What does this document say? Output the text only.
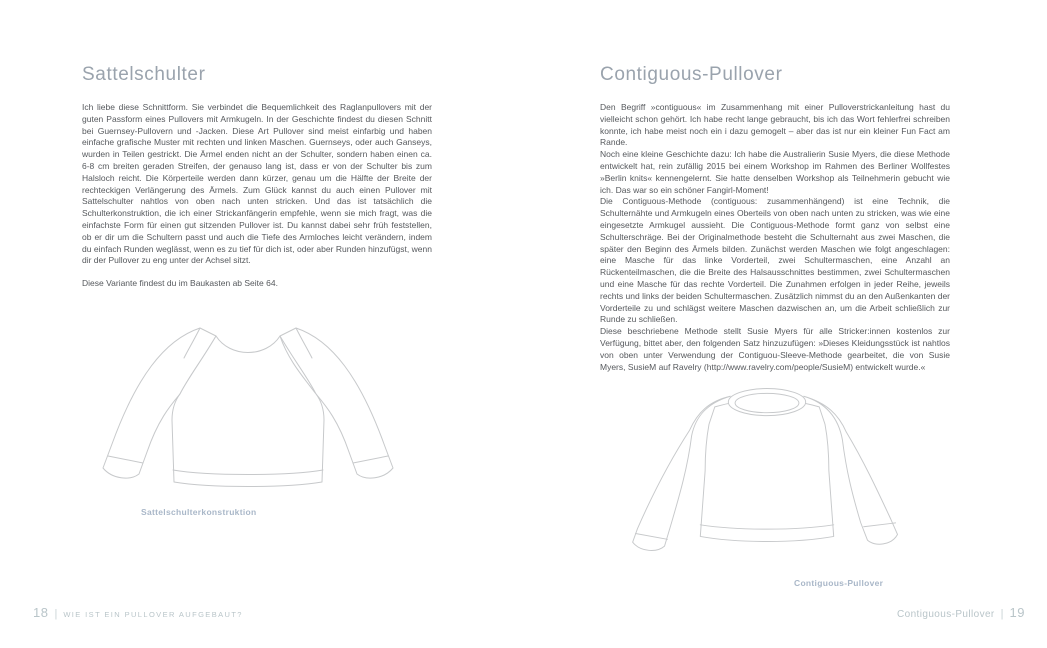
Sattelschulter

Ich liebe diese Schnittform. Sie verbindet die Bequemlichkeit des Raglanpullovers mit der guten Passform eines Pullovers mit Armkugeln. In der Geschichte findest du diesen Schnitt bei Guernsey-Pullovern und -Jacken. Diese Art Pullover sind meist einfarbig und haben einfache grafische Muster mit rechten und linken Maschen. Guernseys, oder auch Ganseys, wurden in Teilen gestrickt. Die Ärmel enden nicht an der Schulter, sondern haben einen ca. 6-8 cm breiten geraden Streifen, der genauso lang ist, dass er von der Schulter bis zum Halsloch reicht. Die Körperteile werden dann kürzer, genau um die Hälfte der Breite der rechteckigen Verlängerung des Ärmels. Zum Glück kannst du auch einen Pullover mit Sattelschulter nahtlos von oben nach unten stricken. Und das ist tatsächlich die Schulterkonstruktion, die ich einer Strickanfängerin empfehle, wenn sie mich fragt, was die einfachste Form für einen gut sitzenden Pullover ist. Du kannst dabei sehr früh feststellen, ob er dir um die Schultern passt und auch die Tiefe des Armloches leicht verändern, indem du einfach Runden weglässt, wenn es zu tief für dich ist, oder aber Runden hinzufügst, wenn dir der Pullover zu eng unter der Achsel sitzt.

Diese Variante findest du im Baukasten ab Seite 64.

Sattelschulterkonstruktion
Contiguous-Pullover

Den Begriff »contiguous« im Zusammenhang mit einer Pulloverstrickanleitung hast du vielleicht schon gehört. Ich habe recht lange gebraucht, bis ich das Wort fehlerfrei schreiben konnte, ich habe meist noch ein i dazu gemogelt – aber das ist nur ein kleiner Fun Fact am Rande.

Noch eine kleine Geschichte dazu: Ich habe die Australierin Susie Myers, die diese Methode entwickelt hat, rein zufällig 2015 bei einem Workshop im Rahmen des Berliner Wollfestes »Berlin knits« kennengelernt. Sie hatte denselben Workshop als Teilnehmerin gebucht wie ich. Das war so ein schöner Fangirl-Moment!

Die Contiguous-Methode (contiguous: zusammenhängend) ist eine Technik, die Schulternähte und Armkugeln eines Oberteils von oben nach unten zu stricken, was wie eine eingesetzte Armkugel aussieht. Die Contiguous-Methode formt ganz von selbst eine Schulterschräge. Bei der Originalmethode besteht die Schulternaht aus zwei Maschen, die später den Beginn des Ärmels bilden. Zunächst werden Maschen wie folgt angeschlagen: eine Masche für das linke Vorderteil, zwei Schultermaschen, eine Anzahl an Rückenteilmaschen, die die Breite des Halsausschnittes bestimmen, zwei Schultermaschen und eine Masche für das rechte Vorderteil. Die Zunahmen erfolgen in jeder Reihe, jeweils rechts und links der beiden Schultermaschen. Zusätzlich nimmst du an den Außenkanten der Vorderteile zu und schlägst weitere Maschen dazwischen an, um die Arbeit schließlich zur Runde zu schließen.

Diese beschriebene Methode stellt Susie Myers für alle Stricker:innen kostenlos zur Verfügung, bittet aber, den folgenden Satz hinzuzufügen: »Dieses Kleidungsstück ist nahtlos von oben unter Verwendung der Contiguou-Sleeve-Methode gearbeitet, die von Susie Myers, SusieM auf Ravelry (http://www.ravelry.com/people/SusieM) entwickelt wurde.«

Contiguous-Pullover
18 | WIE IST EIN PULLOVER AUFGEBAUT?	Contiguous-Pullover | 19
